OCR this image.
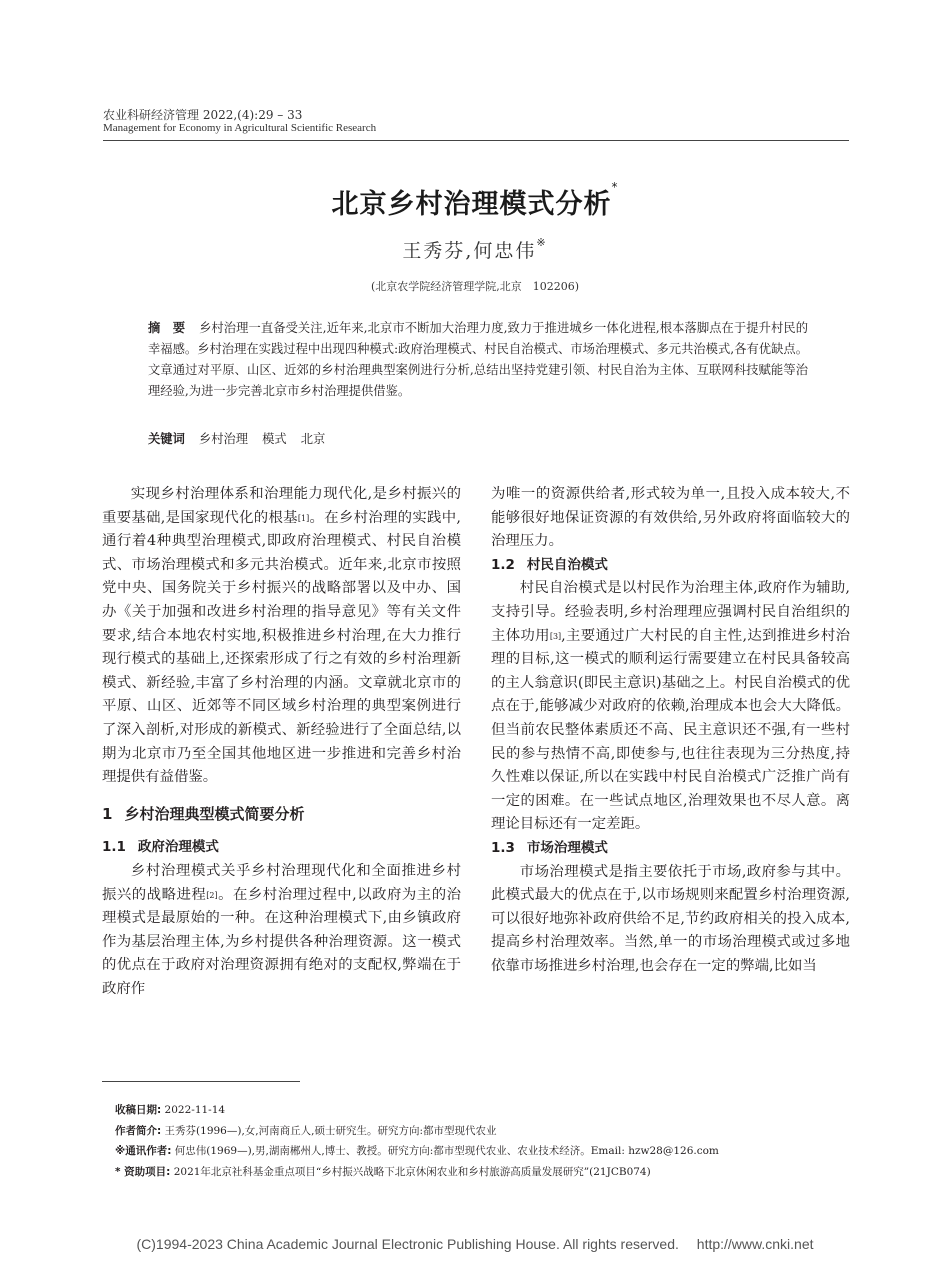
农业科研经济管理 2022,(4):29 – 33
Management for Economy in Agricultural Scientific Research
北京乡村治理模式分析*
王秀芬,何忠伟※
(北京农学院经济管理学院,北京　102206)
摘　要 乡村治理一直备受关注,近年来,北京市不断加大治理力度,致力于推进城乡一体化进程,根本落脚点在于提升村民的幸福感。乡村治理在实践过程中出现四种模式:政府治理模式、村民自治模式、市场治理模式、多元共治模式,各有优缺点。文章通过对平原、山区、近郊的乡村治理典型案例进行分析,总结出坚持党建引领、村民自治为主体、互联网科技赋能等治理经验,为进一步完善北京市乡村治理提供借鉴。
关键词 乡村治理 模式 北京

实现乡村治理体系和治理能力现代化,是乡村振兴的重要基础,是国家现代化的根基[1]。在乡村治理的实践中,通行着4种典型治理模式,即政府治理模式、村民自治模式、市场治理模式和多元共治模式。近年来,北京市按照党中央、国务院关于乡村振兴的战略部署以及中办、国办《关于加强和改进乡村治理的指导意见》等有关文件要求,结合本地农村实地,积极推进乡村治理,在大力推行现行模式的基础上,还探索形成了行之有效的乡村治理新模式、新经验,丰富了乡村治理的内涵。文章就北京市的平原、山区、近郊等不同区域乡村治理的典型案例进行了深入剖析,对形成的新模式、新经验进行了全面总结,以期为北京市乃至全国其他地区进一步推进和完善乡村治理提供有益借鉴。

1 乡村治理典型模式简要分析
1.1 政府治理模式

乡村治理模式关乎乡村治理现代化和全面推进乡村振兴的战略进程[2]。在乡村治理过程中,以政府为主的治理模式是最原始的一种。在这种治理模式下,由乡镇政府作为基层治理主体,为乡村提供各种治理资源。这一模式的优点在于政府对治理资源拥有绝对的支配权,弊端在于政府作

为唯一的资源供给者,形式较为单一,且投入成本较大,不能够很好地保证资源的有效供给,另外政府将面临较大的治理压力。

1.2 村民自治模式

村民自治模式是以村民作为治理主体,政府作为辅助,支持引导。经验表明,乡村治理理应强调村民自治组织的主体功用[3],主要通过广大村民的自主性,达到推进乡村治理的目标,这一模式的顺利运行需要建立在村民具备较高的主人翁意识(即民主意识)基础之上。村民自治模式的优点在于,能够减少对政府的依赖,治理成本也会大大降低。但当前农民整体素质还不高、民主意识还不强,有一些村民的参与热情不高,即使参与,也往往表现为三分热度,持久性难以保证,所以在实践中村民自治模式广泛推广尚有一定的困难。在一些试点地区,治理效果也不尽人意。离理论目标还有一定差距。

1.3 市场治理模式

市场治理模式是指主要依托于市场,政府参与其中。此模式最大的优点在于,以市场规则来配置乡村治理资源,可以很好地弥补政府供给不足,节约政府相关的投入成本,提高乡村治理效率。当然,单一的市场治理模式或过多地依靠市场推进乡村治理,也会存在一定的弊端,比如当

收稿日期: 2022-11-14
作者简介: 王秀芬(1996—),女,河南商丘人,硕士研究生。研究方向:都市型现代农业
※通讯作者: 何忠伟(1969—),男,湖南郴州人,博士、教授。研究方向:都市型现代农业、农业技术经济。Email: hzw28@126.com
* 资助项目: 2021年北京社科基金重点项目“乡村振兴战略下北京休闲农业和乡村旅游高质量发展研究”(21JCB074)
(C)1994-2023 China Academic Journal Electronic Publishing House. All rights reserved.　 http://www.cnki.net
